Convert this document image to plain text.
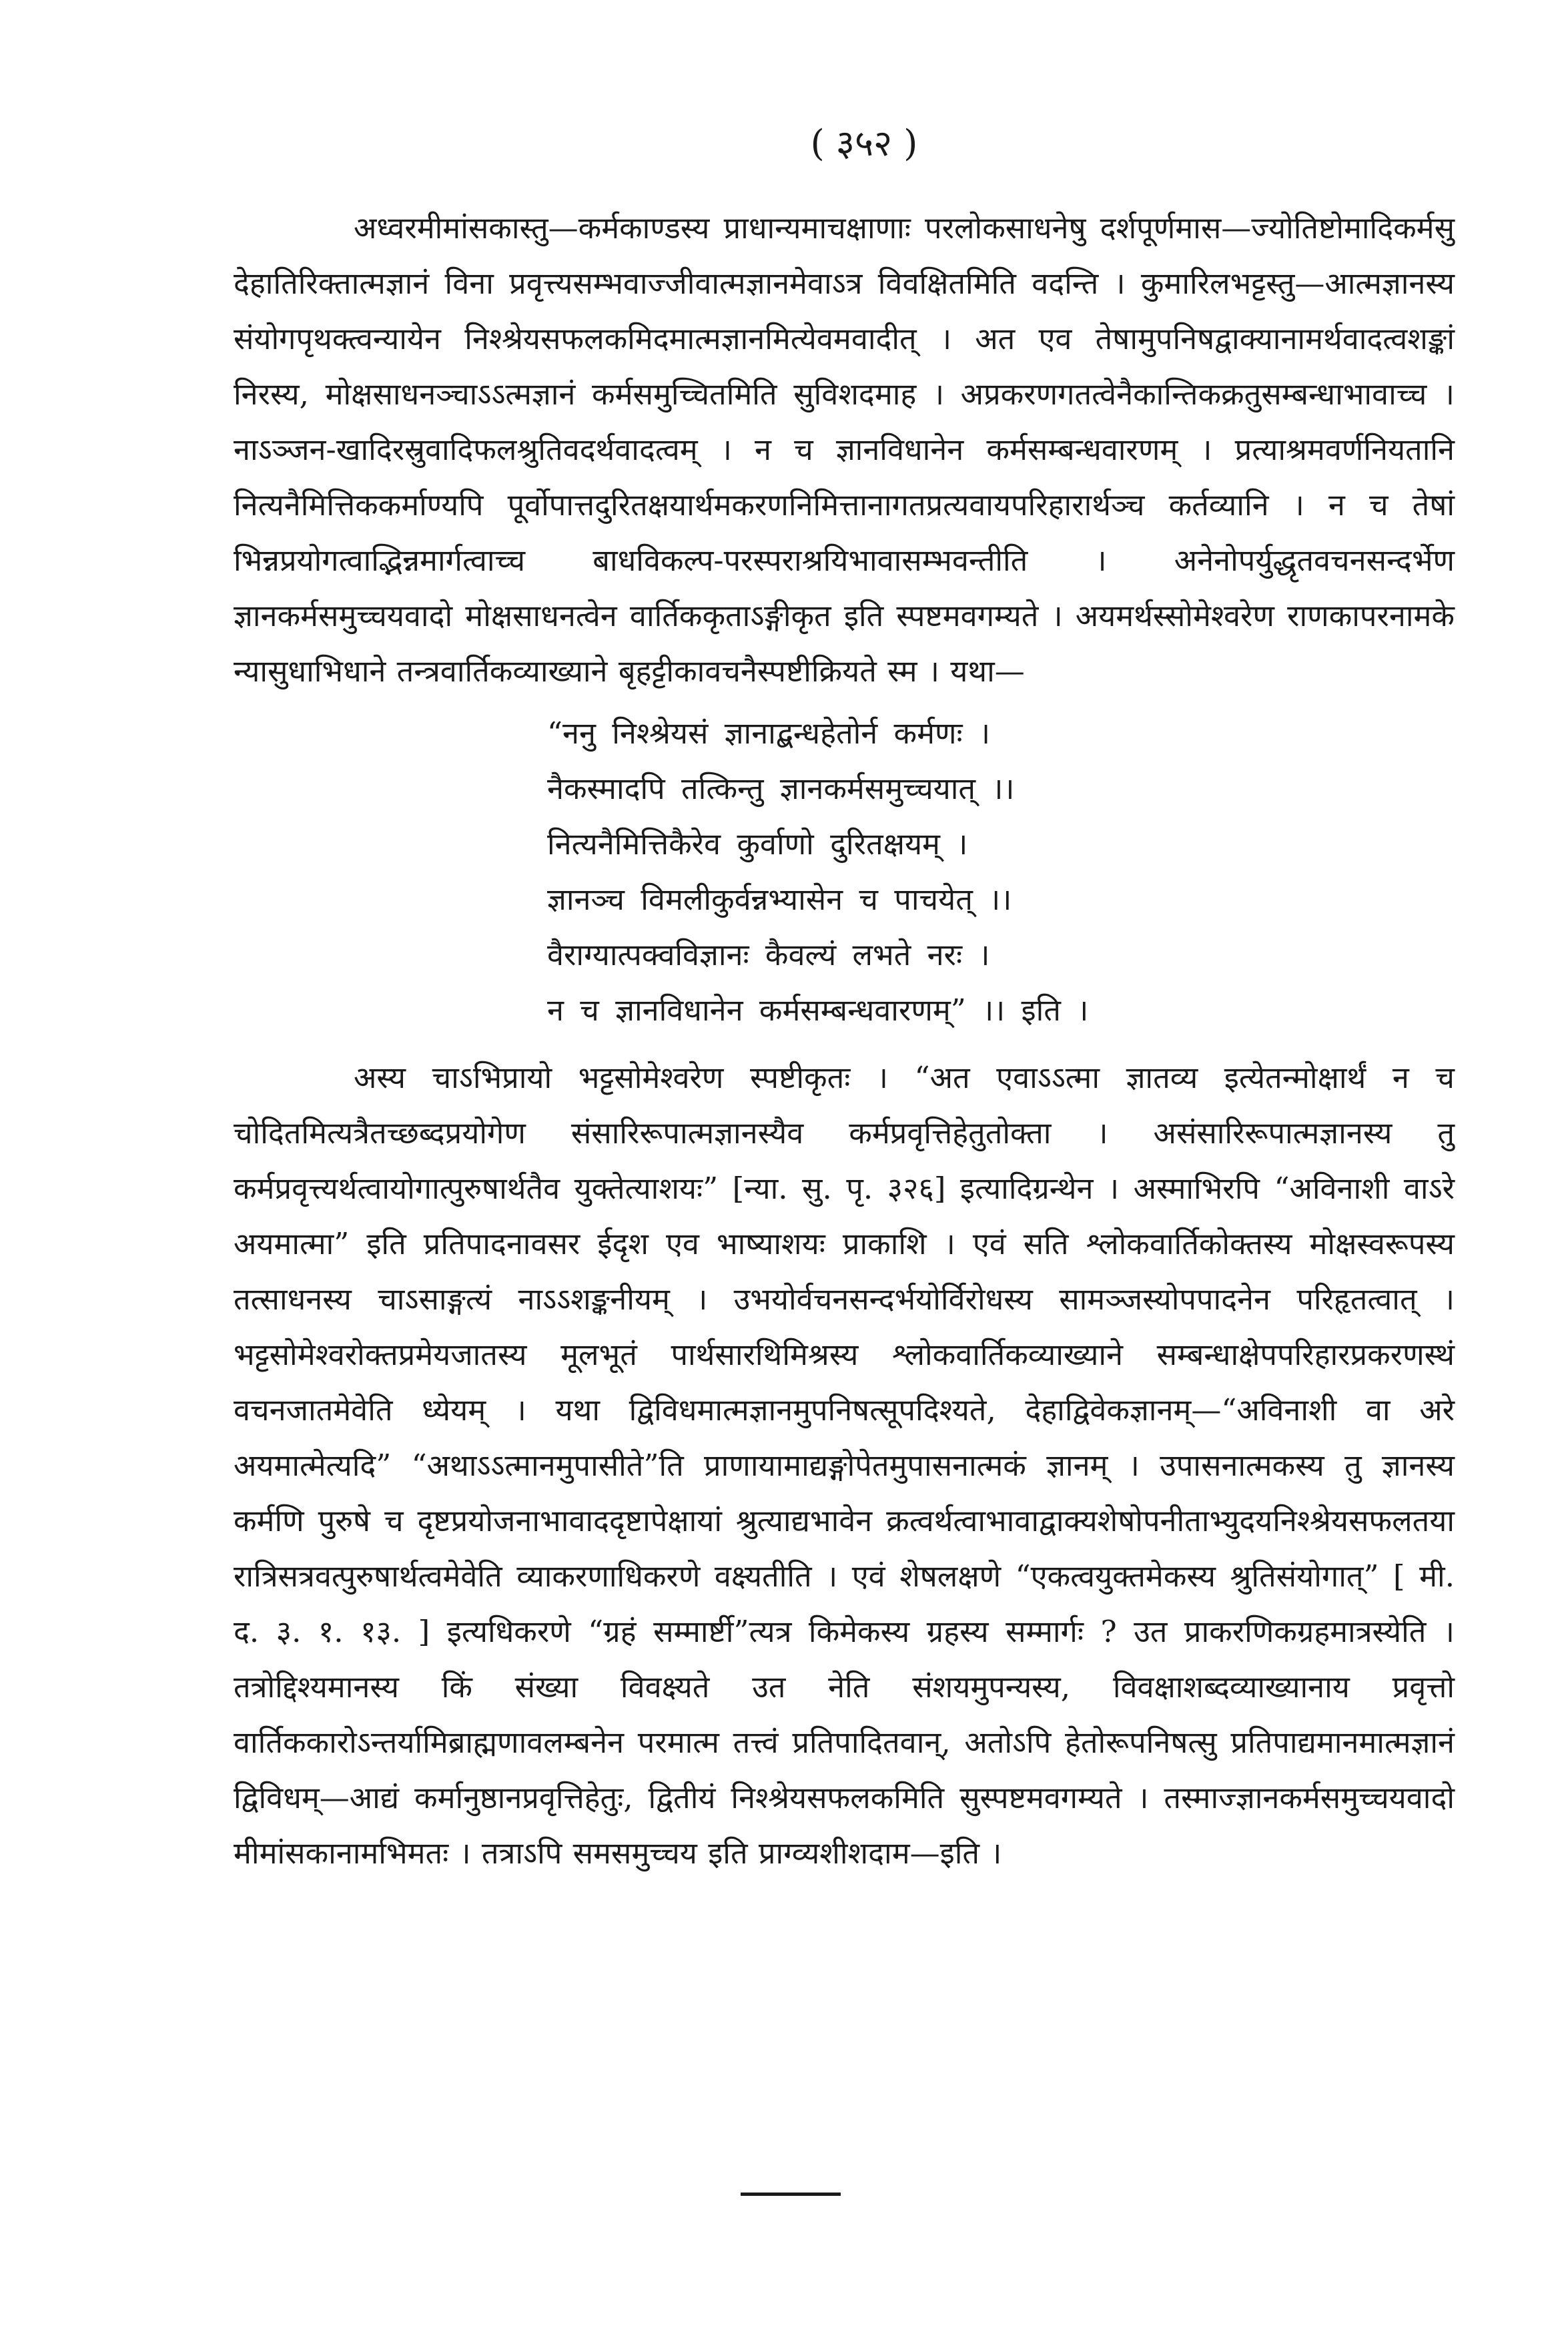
( ३५२ )

अध्वरमीमांसकास्तु—कर्मकाण्डस्य प्राधान्यमाचक्षाणाः परलोकसाधनेषु दर्शपूर्णमास—ज्योतिष्टोमादिकर्मसु देहातिरिक्तात्मज्ञानं विना प्रवृत्त्यसम्भवाज्जीवात्मज्ञानमेवाऽत्र विवक्षितमिति वदन्ति । कुमारिलभट्टस्तु—आत्मज्ञानस्य संयोगपृथक्त्वन्यायेन निश्श्रेयसफलकमिदमात्मज्ञानमित्येवमवादीत् । अत एव तेषामुपनिषद्वाक्यानामर्थवादत्वशङ्कां निरस्य, मोक्षसाधनञ्चाऽऽत्मज्ञानं कर्मसमुच्चितमिति सुविशदमाह । अप्रकरणगतत्वेनैकान्तिकक्रतुसम्बन्धाभावाच्च । नाऽञ्जन-खादिरस्रुवादिफलश्रुतिवदर्थवादत्वम् । न च ज्ञानविधानेन कर्मसम्बन्धवारणम् । प्रत्याश्रमवर्णनियतानि नित्यनैमित्तिककर्माण्यपि पूर्वोपात्तदुरितक्षयार्थमकरणनिमित्तानागतप्रत्यवायपरिहारार्थञ्च कर्तव्यानि । न च तेषां भिन्नप्रयोगत्वाद्भिन्नमार्गत्वाच्च बाधविकल्प-परस्पराश्रयिभावासम्भवन्तीति । अनेनोपर्युद्धृतवचनसन्दर्भेण ज्ञानकर्मसमुच्चयवादो मोक्षसाधनत्वेन वार्तिककृताऽङ्गीकृत इति स्पष्टमवगम्यते । अयमर्थस्सोमेश्वरेण राणकापरनामके न्यासुधाभिधाने तन्त्रवार्तिकव्याख्याने बृहट्टीकावचनैस्पष्टीक्रियते स्म । यथा—

“ननु निश्श्रेयसं ज्ञानाद्बन्धहेतोर्न कर्मणः ।
नैकस्मादपि तत्किन्तु ज्ञानकर्मसमुच्चयात् ।।
नित्यनैमित्तिकैरेव कुर्वाणो दुरितक्षयम् ।
ज्ञानञ्च विमलीकुर्वन्नभ्यासेन च पाचयेत् ।।
वैराग्यात्पक्वविज्ञानः कैवल्यं लभते नरः ।
न च ज्ञानविधानेन कर्मसम्बन्धवारणम्” ।। इति ।

अस्य चाऽभिप्रायो भट्टसोमेश्वरेण स्पष्टीकृतः । “अत एवाऽऽत्मा ज्ञातव्य इत्येतन्मोक्षार्थं न च चोदितमित्यत्रैतच्छब्दप्रयोगेण संसारिरूपात्मज्ञानस्यैव कर्मप्रवृत्तिहेतुतोक्ता । असंसारिरूपात्मज्ञानस्य तु कर्मप्रवृत्त्यर्थत्वायोगात्पुरुषार्थतैव युक्तेत्याशयः” [न्या. सु. पृ. ३२६] इत्यादिग्रन्थेन । अस्माभिरपि “अविनाशी वाऽरे अयमात्मा” इति प्रतिपादनावसर ईदृश एव भाष्याशयः प्राकाशि । एवं सति श्लोकवार्तिकोक्तस्य मोक्षस्वरूपस्य तत्साधनस्य चाऽसाङ्गत्यं नाऽऽशङ्कनीयम् । उभयोर्वचनसन्दर्भयोर्विरोधस्य सामञ्जस्योपपादनेन परिहृतत्वात् । भट्टसोमेश्वरोक्तप्रमेयजातस्य मूलभूतं पार्थसारथिमिश्रस्य श्लोकवार्तिकव्याख्याने सम्बन्धाक्षेपपरिहारप्रकरणस्थं वचनजातमेवेति ध्येयम् । यथा द्विविधमात्मज्ञानमुपनिषत्सूपदिश्यते, देहाद्विवेकज्ञानम्—“अविनाशी वा अरे अयमात्मेत्यदि” “अथाऽऽत्मानमुपासीते”ति प्राणायामाद्यङ्गोपेतमुपासनात्मकं ज्ञानम् । उपासनात्मकस्य तु ज्ञानस्य कर्मणि पुरुषे च दृष्टप्रयोजनाभावाददृष्टापेक्षायां श्रुत्याद्यभावेन क्रत्वर्थत्वाभावाद्वाक्यशेषोपनीताभ्युदयनिश्श्रेयसफलतया रात्रिसत्रवत्पुरुषार्थत्वमेवेति व्याकरणाधिकरणे वक्ष्यतीति । एवं शेषलक्षणे “एकत्वयुक्तमेकस्य श्रुतिसंयोगात्” [ मी. द. ३. १. १३. ] इत्यधिकरणे “ग्रहं सम्मार्ष्टी”त्यत्र किमेकस्य ग्रहस्य सम्मार्गः ? उत प्राकरणिकग्रहमात्रस्येति । तत्रोद्दिश्यमानस्य किं संख्या विवक्ष्यते उत नेति संशयमुपन्यस्य, विवक्षाशब्दव्याख्यानाय प्रवृत्तो वार्तिककारोऽन्तर्यामिब्राह्मणावलम्बनेन परमात्म तत्त्वं प्रतिपादितवान्, अतोऽपि हेतोरूपनिषत्सु प्रतिपाद्यमानमात्मज्ञानं द्विविधम्—आद्यं कर्मानुष्ठानप्रवृत्तिहेतुः, द्वितीयं निश्श्रेयसफलकमिति सुस्पष्टमवगम्यते । तस्माज्ज्ञानकर्मसमुच्चयवादो मीमांसकानामभिमतः । तत्राऽपि समसमुच्चय इति प्राग्व्यशीशदाम—इति ।
